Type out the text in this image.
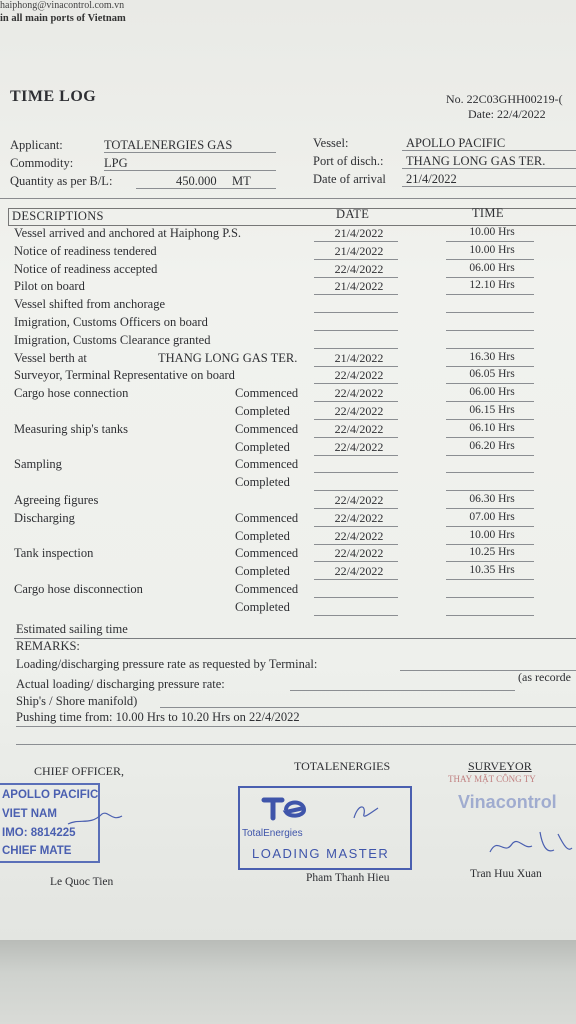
haiphong@vinacontrol.com.vn
in all main ports of Vietnam
TIME LOG	No. 22C03GHH00219-(
Date: 22/4/2022
Applicant:	TOTALENERGIES GAS
Commodity: LPG
Quantity as per B/L:	450.000 MT
Vessel:	APOLLO PACIFIC
Port of disch.: THANG LONG GAS TER.
Date of arrival 21/4/2022
DESCRIPTIONS	DATE	TIME
Vessel arrived and anchored at Haiphong P.S.	21/4/2022	10.00 Hrs
Notice of readiness tendered	21/4/2022	10.00 Hrs
Notice of readiness accepted	22/4/2022	06.00 Hrs
Pilot on board	21/4/2022	12.10 Hrs
Vessel shifted from anchorage
Imigration, Customs Officers on board
Imigration, Customs Clearance granted
Vessel berth at	THANG LONG GAS TER.	21/4/2022	16.30 Hrs
Surveyor, Terminal Representative on board	22/4/2022	06.05 Hrs
Cargo hose connection	Commenced	22/4/2022	06.00 Hrs
Completed	22/4/2022	06.15 Hrs
Measuring ship's tanks	Commenced	22/4/2022	06.10 Hrs
Completed	22/4/2022	06.20 Hrs
Sampling	Commenced
Completed
Agreeing figures	22/4/2022	06.30 Hrs
Discharging	Commenced	22/4/2022	07.00 Hrs
Completed	22/4/2022	10.00 Hrs
Tank inspection	Commenced	22/4/2022	10.25 Hrs
Completed	22/4/2022	10.35 Hrs
Cargo hose disconnection	Commenced
Completed
Estimated sailing time
REMARKS:
Loading/discharging pressure rate as requested by Terminal:
Actual loading/ discharging pressure rate:	(as recorde
Ship's / Shore manifold)
Pushing time from: 10.00 Hrs to 10.20 Hrs on 22/4/2022
CHIEF OFFICER,	TOTALENERGIES	SURVEYOR
APOLLO PACIFIC
VIET NAM
IMO: 8814225
CHIEF MATE
TotalEnergies
LOADING MASTER
THAY MẶT CÔNG TY
Vinacontrol
Le Quoc Tien	Pham Thanh Hieu	Tran Huu Xuan
